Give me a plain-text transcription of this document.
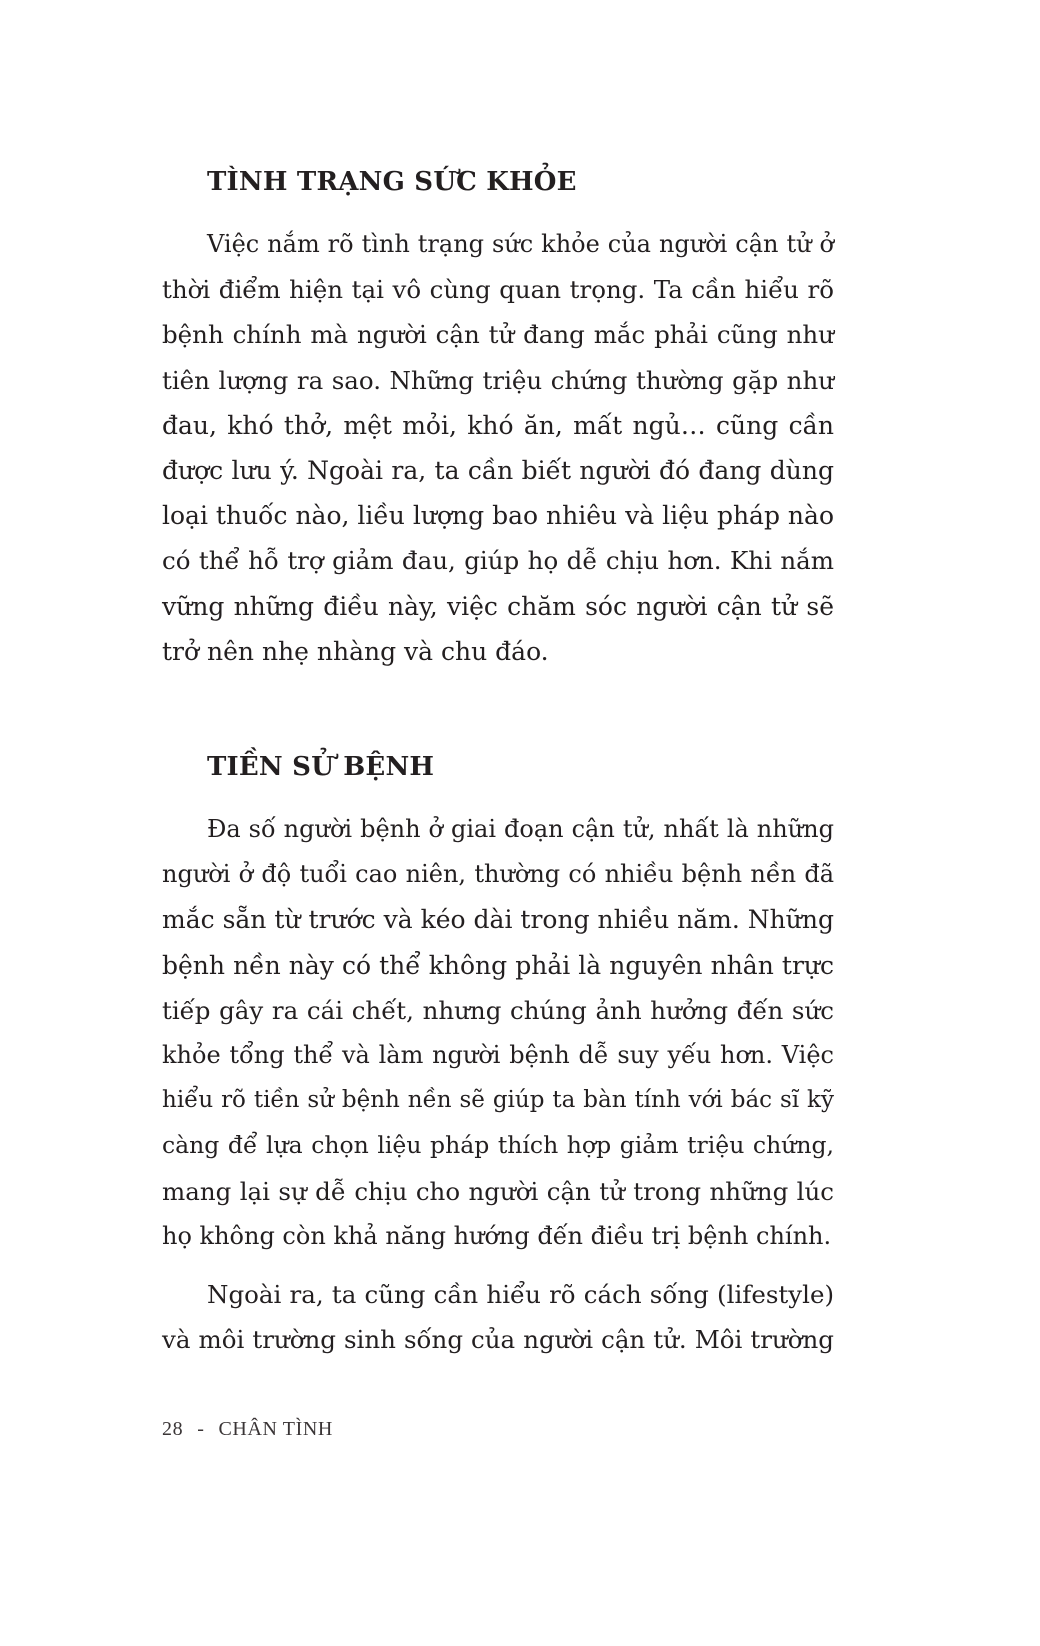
TÌNH TRẠNG SỨC KHỎE
Việc nắm rõ tình trạng sức khỏe của người cận tử ở
thời điểm hiện tại vô cùng quan trọng. Ta cần hiểu rõ
bệnh chính mà người cận tử đang mắc phải cũng như
tiên lượng ra sao. Những triệu chứng thường gặp như
đau, khó thở, mệt mỏi, khó ăn, mất ngủ… cũng cần
được lưu ý. Ngoài ra, ta cần biết người đó đang dùng
loại thuốc nào, liều lượng bao nhiêu và liệu pháp nào
có thể hỗ trợ giảm đau, giúp họ dễ chịu hơn. Khi nắm
vững những điều này, việc chăm sóc người cận tử sẽ
trở nên nhẹ nhàng và chu đáo.
TIỀN SỬ BỆNH
Đa số người bệnh ở giai đoạn cận tử, nhất là những
người ở độ tuổi cao niên, thường có nhiều bệnh nền đã
mắc sẵn từ trước và kéo dài trong nhiều năm. Những
bệnh nền này có thể không phải là nguyên nhân trực
tiếp gây ra cái chết, nhưng chúng ảnh hưởng đến sức
khỏe tổng thể và làm người bệnh dễ suy yếu hơn. Việc
hiểu rõ tiền sử bệnh nền sẽ giúp ta bàn tính với bác sĩ kỹ
càng để lựa chọn liệu pháp thích hợp giảm triệu chứng,
mang lại sự dễ chịu cho người cận tử trong những lúc
họ không còn khả năng hướng đến điều trị bệnh chính.
Ngoài ra, ta cũng cần hiểu rõ cách sống (lifestyle)
và môi trường sinh sống của người cận tử. Môi trường
28 - CHÂN TÌNH
